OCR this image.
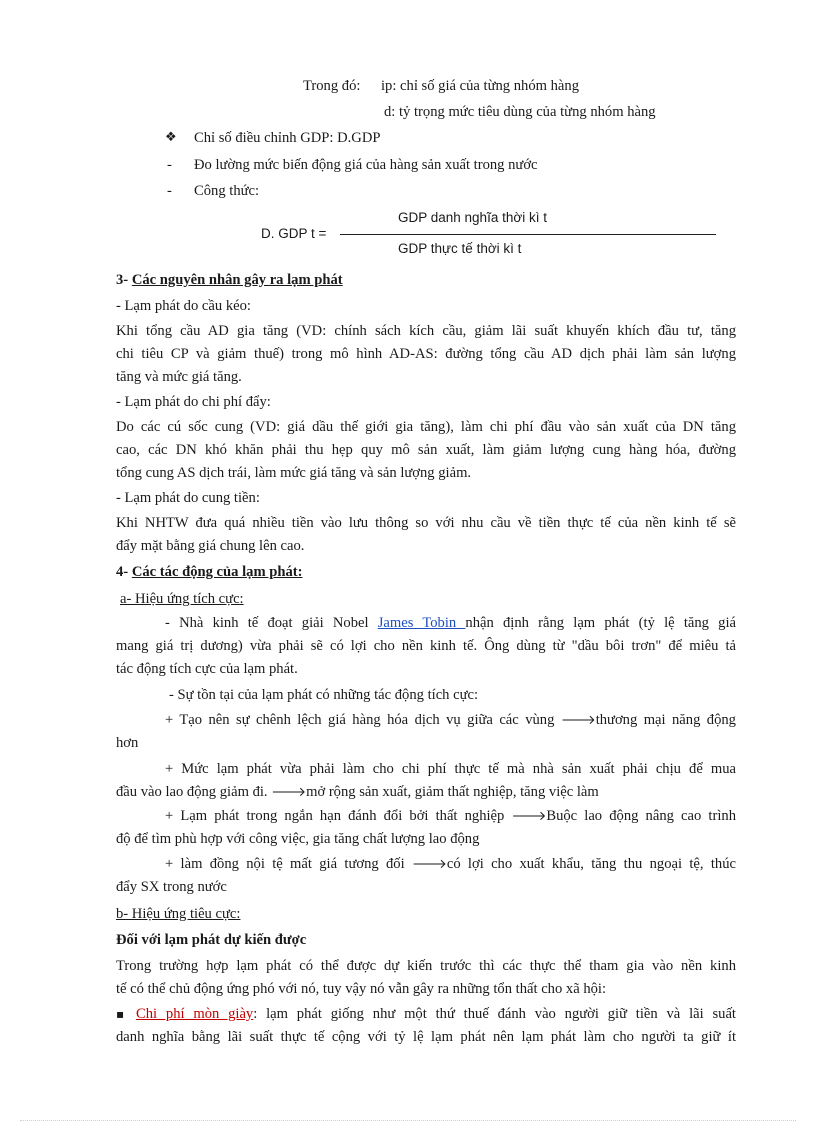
Trong đó: ip: chỉ số giá của từng nhóm hàng
d: tỷ trọng mức tiêu dùng của từng nhóm hàng
❖ Chỉ số điều chỉnh GDP: D.GDP
- Đo lường mức biến động giá của hàng sản xuất trong nước
- Công thức:
GDP danh nghĩa thời kì t
D. GDP t =
GDP thực tế thời kì t
3- Các nguyên nhân gây ra lạm phát
- Lạm phát do cầu kéo:
Khi tổng cầu AD gia tăng (VD: chính sách kích cầu, giảm lãi suất khuyến khích đầu tư, tăng
chi tiêu CP và giảm thuế) trong mô hình AD-AS: đường tổng cầu AD dịch phải làm sản lượng
tăng và mức giá tăng.
- Lạm phát do chi phí đẩy:
Do các cú sốc cung (VD: giá dầu thế giới gia tăng), làm chi phí đầu vào sản xuất của DN tăng
cao, các DN khó khăn phải thu hẹp quy mô sản xuất, làm giảm lượng cung hàng hóa, đường
tổng cung AS dịch trái, làm mức giá tăng và sản lượng giảm.
- Lạm phát do cung tiền:
Khi NHTW đưa quá nhiều tiền vào lưu thông so với nhu cầu về tiền thực tế của nền kinh tế sẽ
đẩy mặt bằng giá chung lên cao.
4- Các tác động của lạm phát:
a- Hiệu ứng tích cực:
- Nhà kinh tế đoạt giải Nobel James Tobin nhận định rằng lạm phát (tỷ lệ tăng giá
mang giá trị dương) vừa phải sẽ có lợi cho nền kinh tế. Ông dùng từ "dầu bôi trơn" để miêu tả
tác động tích cực của lạm phát.
- Sự tồn tại của lạm phát có những tác động tích cực:
+ Tạo nên sự chênh lệch giá hàng hóa dịch vụ giữa các vùng 🡒thương mại năng động
hơn
+ Mức lạm phát vừa phải làm cho chi phí thực tế mà nhà sản xuất phải chịu để mua
đầu vào lao động giảm đi. 🡒mở rộng sản xuất, giảm thất nghiệp, tăng việc làm
+ Lạm phát trong ngắn hạn đánh đổi bởi thất nghiệp 🡒Buộc lao động nâng cao trình
độ để tìm phù hợp với công việc, gia tăng chất lượng lao động
+ làm đồng nội tệ mất giá tương đối 🡒có lợi cho xuất khẩu, tăng thu ngoại tệ, thúc
đẩy SX trong nước
b- Hiệu ứng tiêu cực:
Đối với lạm phát dự kiến được
Trong trường hợp lạm phát có thể được dự kiến trước thì các thực thể tham gia vào nền kinh
tế có thể chủ động ứng phó với nó, tuy vậy nó vẫn gây ra những tổn thất cho xã hội:
▪ Chi phí mòn giày: lạm phát giống như một thứ thuế đánh vào người giữ tiền và lãi suất
danh nghĩa bằng lãi suất thực tế cộng với tỷ lệ lạm phát nên lạm phát làm cho người ta giữ ít
